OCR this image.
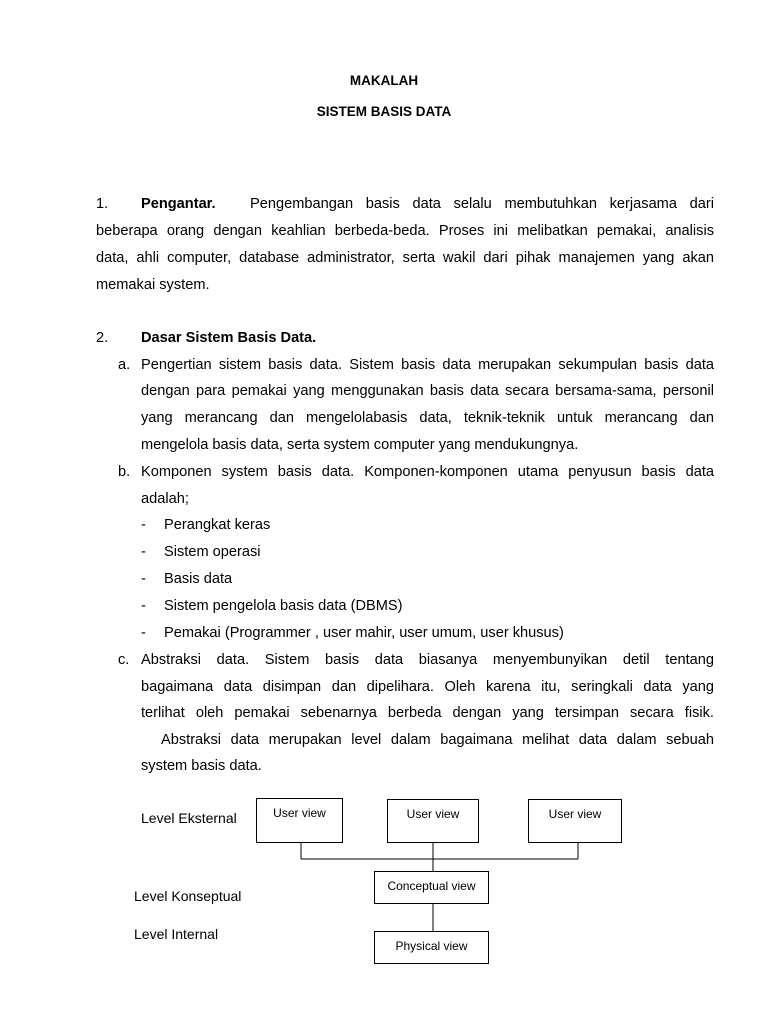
MAKALAH
SISTEM BASIS DATA
1. Pengantar. Pengembangan basis data selalu membutuhkan kerjasama dari
beberapa orang dengan keahlian berbeda-beda. Proses ini melibatkan pemakai, analisis
data, ahli computer, database administrator, serta wakil dari pihak manajemen yang akan
memakai system.
2. Dasar Sistem Basis Data.
a. Pengertian sistem basis data. Sistem basis data merupakan sekumpulan basis data
dengan para pemakai yang menggunakan basis data secara bersama-sama, personil
yang merancang dan mengelolabasis data, teknik-teknik untuk merancang dan
mengelola basis data, serta system computer yang mendukungnya.
b. Komponen system basis data. Komponen-komponen utama penyusun basis data
adalah;
- Perangkat keras
- Sistem operasi
- Basis data
- Sistem pengelola basis data (DBMS)
- Pemakai (Programmer , user mahir, user umum, user khusus)
c. Abstraksi data. Sistem basis data biasanya menyembunyikan detil tentang
bagaimana data disimpan dan dipelihara. Oleh karena itu, seringkali data yang
terlihat oleh pemakai sebenarnya berbeda dengan yang tersimpan secara fisik.
Abstraksi data merupakan level dalam bagaimana melihat data dalam sebuah
system basis data.
Level Eksternal
Level Konseptual
Level Internal
User view	User view	User view
Conceptual view
Physical view
